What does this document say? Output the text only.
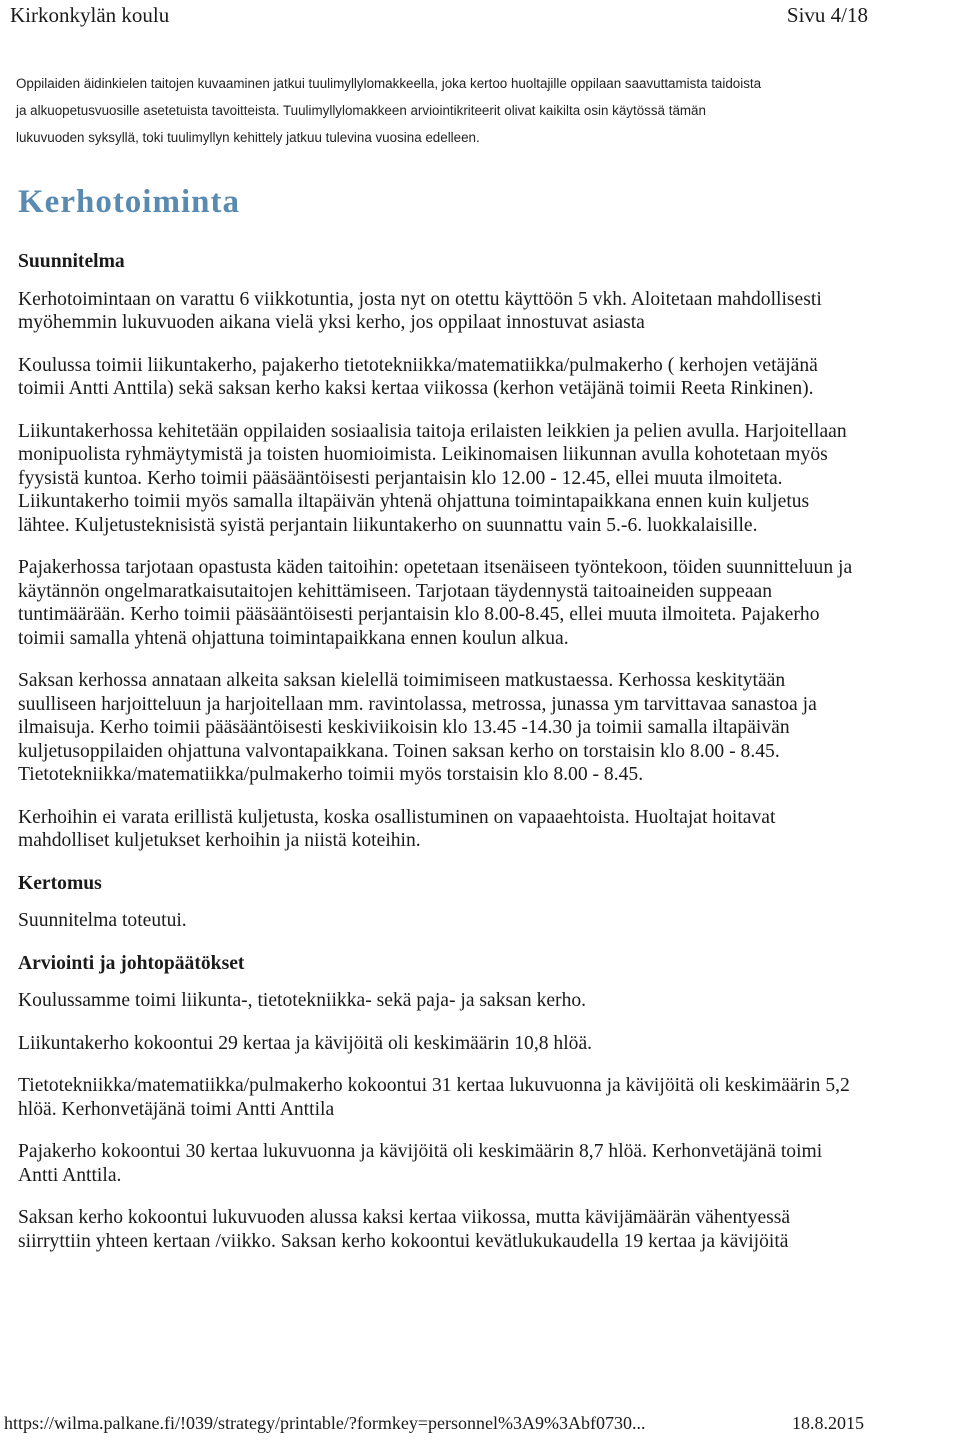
Kirkonkylän koulu	Sivu 4/18
Oppilaiden äidinkielen taitojen kuvaaminen jatkui tuulimyllylomakkeella, joka kertoo huoltajille oppilaan saavuttamista taidoista
ja alkuopetusvuosille asetetuista tavoitteista. Tuulimyllylomakkeen arviointikriteerit olivat kaikilta osin käytössä tämän
lukuvuoden syksyllä, toki tuulimyllyn kehittely jatkuu tulevina vuosina edelleen.
Kerhotoiminta

Suunnitelma

Kerhotoimintaan on varattu 6 viikkotuntia, josta nyt on otettu käyttöön 5 vkh. Aloitetaan mahdollisesti myöhemmin lukuvuoden aikana vielä yksi kerho, jos oppilaat innostuvat asiasta

Koulussa toimii liikuntakerho, pajakerho tietotekniikka/matematiikka/pulmakerho ( kerhojen vetäjänä toimii Antti Anttila) sekä saksan kerho kaksi kertaa viikossa (kerhon vetäjänä toimii Reeta Rinkinen).

Liikuntakerhossa kehitetään oppilaiden sosiaalisia taitoja erilaisten leikkien ja pelien avulla. Harjoitellaan monipuolista ryhmäytymistä ja toisten huomioimista. Leikinomaisen liikunnan avulla kohotetaan myös fyysistä kuntoa. Kerho toimii pääsääntöisesti perjantaisin klo 12.00 - 12.45, ellei muuta ilmoiteta. Liikuntakerho toimii myös samalla iltapäivän yhtenä ohjattuna toimintapaikkana ennen kuin kuljetus lähtee. Kuljetusteknisistä syistä perjantain liikuntakerho on suunnattu vain 5.-6. luokkalaisille.

Pajakerhossa tarjotaan opastusta käden taitoihin: opetetaan itsenäiseen työntekoon, töiden suunnitteluun ja käytännön ongelmaratkaisutaitojen kehittämiseen. Tarjotaan täydennystä taitoaineiden suppeaan tuntimäärään. Kerho toimii pääsääntöisesti perjantaisin klo 8.00-8.45, ellei muuta ilmoiteta. Pajakerho toimii samalla yhtenä ohjattuna toimintapaikkana ennen koulun alkua.

Saksan kerhossa annataan alkeita saksan kielellä toimimiseen matkustaessa. Kerhossa keskitytään suulliseen harjoitteluun ja harjoitellaan mm. ravintolassa, metrossa, junassa ym tarvittavaa sanastoa ja ilmaisuja. Kerho toimii pääsääntöisesti keskiviikoisin klo 13.45 -14.30 ja toimii samalla iltapäivän kuljetusoppilaiden ohjattuna valvontapaikkana. Toinen saksan kerho on torstaisin klo 8.00 - 8.45. Tietotekniikka/matematiikka/pulmakerho toimii myös torstaisin klo 8.00 - 8.45.

Kerhoihin ei varata erillistä kuljetusta, koska osallistuminen on vapaaehtoista. Huoltajat hoitavat mahdolliset kuljetukset kerhoihin ja niistä koteihin.

Kertomus

Suunnitelma toteutui.

Arviointi ja johtopäätökset

Koulussamme toimi liikunta-, tietotekniikka- sekä paja- ja saksan kerho.

Liikuntakerho kokoontui 29 kertaa ja kävijöitä oli keskimäärin 10,8 hlöä.

Tietotekniikka/matematiikka/pulmakerho kokoontui 31 kertaa lukuvuonna ja kävijöitä oli keskimäärin 5,2 hlöä. Kerhonvetäjänä toimi Antti Anttila

Pajakerho kokoontui 30 kertaa lukuvuonna ja kävijöitä oli keskimäärin 8,7 hlöä. Kerhonvetäjänä toimi Antti Anttila.

Saksan kerho kokoontui lukuvuoden alussa kaksi kertaa viikossa, mutta kävijämäärän vähentyessä siirryttiin yhteen kertaan /viikko. Saksan kerho kokoontui kevätlukukaudella 19 kertaa ja kävijöitä

https://wilma.palkane.fi/!039/strategy/printable/?formkey=personnel%3A9%3Abf0730...	18.8.2015
